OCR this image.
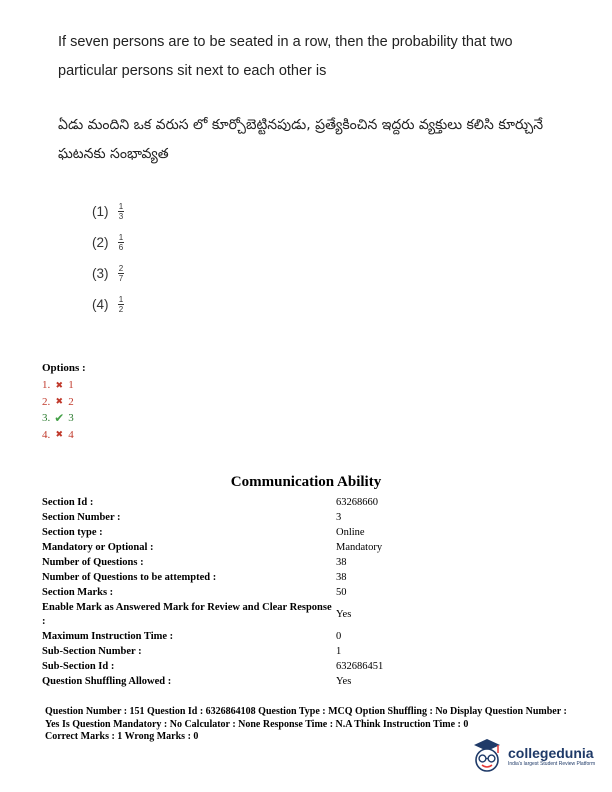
If seven persons are to be seated in a row, then the probability that two particular persons sit next to each other is
ఏడు మందిని ఒక వరుస లో కూర్చోబెట్టినపుడు, ప్రత్యేకించిన ఇద్దరు వ్యక్తులు కలిసి కూర్చునే ఘటనకు సంభావ్యత
(1)	$\frac{1}{3}$
(2)	$\frac{1}{6}$
(3)	$\frac{2}{7}$
(4)	$\frac{1}{2}$
Options :
1. ✖ 1
2. ✖ 2
3. ✔ 3
4. ✖ 4
Communication Ability
Section Id :	63268660
Section Number :	3
Section type :	Online
Mandatory or Optional :	Mandatory
Number of Questions :	38
Number of Questions to be attempted :	38
Section Marks :	50
Enable Mark as Answered Mark for Review and Clear Response :
Yes
Maximum Instruction Time :	0
Sub-Section Number :	1
Sub-Section Id :	632686451
Question Shuffling Allowed :	Yes
Question Number : 151 Question Id : 6326864108 Question Type : MCQ Option Shuffling : No Display Question Number : Yes Is Question Mandatory : No Calculator : None Response Time : N.A Think Instruction Time : 0
Correct Marks : 1 Wrong Marks : 0
collegedunia
India's largest Student Review Platform
